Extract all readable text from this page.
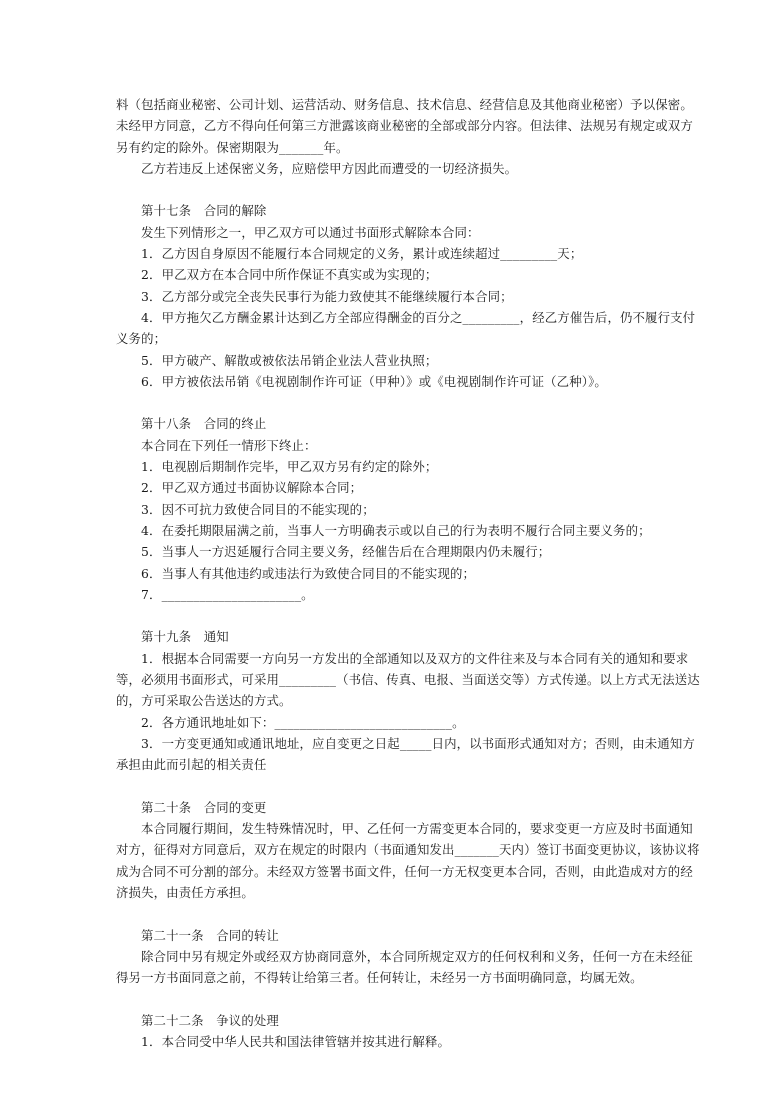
料（包括商业秘密、公司计划、运营活动、财务信息、技术信息、经营信息及其他商业秘密）予以保密。
未经甲方同意，乙方不得向任何第三方泄露该商业秘密的全部或部分内容。但法律、法规另有规定或双方
另有约定的除外。保密期限为_______年。
乙方若违反上述保密义务，应赔偿甲方因此而遭受的一切经济损失。
第十七条　合同的解除
发生下列情形之一，甲乙双方可以通过书面形式解除本合同：
1．乙方因自身原因不能履行本合同规定的义务，累计或连续超过_________天；
2．甲乙双方在本合同中所作保证不真实或为实现的；
3．乙方部分或完全丧失民事行为能力致使其不能继续履行本合同；
4．甲方拖欠乙方酬金累计达到乙方全部应得酬金的百分之_________，经乙方催告后，仍不履行支付
义务的；
5．甲方破产、解散或被依法吊销企业法人营业执照；
6．甲方被依法吊销《电视剧制作许可证（甲种）》或《电视剧制作许可证（乙种）》。
第十八条　合同的终止
本合同在下列任一情形下终止：
1．电视剧后期制作完毕，甲乙双方另有约定的除外；
2．甲乙双方通过书面协议解除本合同；
3．因不可抗力致使合同目的不能实现的；
4．在委托期限届满之前，当事人一方明确表示或以自己的行为表明不履行合同主要义务的；
5．当事人一方迟延履行合同主要义务，经催告后在合理期限内仍未履行；
6．当事人有其他违约或违法行为致使合同目的不能实现的；
7．______________________。
第十九条　通知
1．根据本合同需要一方向另一方发出的全部通知以及双方的文件往来及与本合同有关的通知和要求
等，必须用书面形式，可采用_________（书信、传真、电报、当面送交等）方式传递。以上方式无法送达
的，方可采取公告送达的方式。
2．各方通讯地址如下：____________________________。
3．一方变更通知或通讯地址，应自变更之日起_____日内，以书面形式通知对方；否则，由未通知方
承担由此而引起的相关责任
第二十条　合同的变更
本合同履行期间，发生特殊情况时，甲、乙任何一方需变更本合同的，要求变更一方应及时书面通知
对方，征得对方同意后，双方在规定的时限内（书面通知发出_______天内）签订书面变更协议，该协议将
成为合同不可分割的部分。未经双方签署书面文件，任何一方无权变更本合同，否则，由此造成对方的经
济损失，由责任方承担。
第二十一条　合同的转让
除合同中另有规定外或经双方协商同意外，本合同所规定双方的任何权利和义务，任何一方在未经征
得另一方书面同意之前，不得转让给第三者。任何转让，未经另一方书面明确同意，均属无效。
第二十二条　争议的处理
1．本合同受中华人民共和国法律管辖并按其进行解释。
